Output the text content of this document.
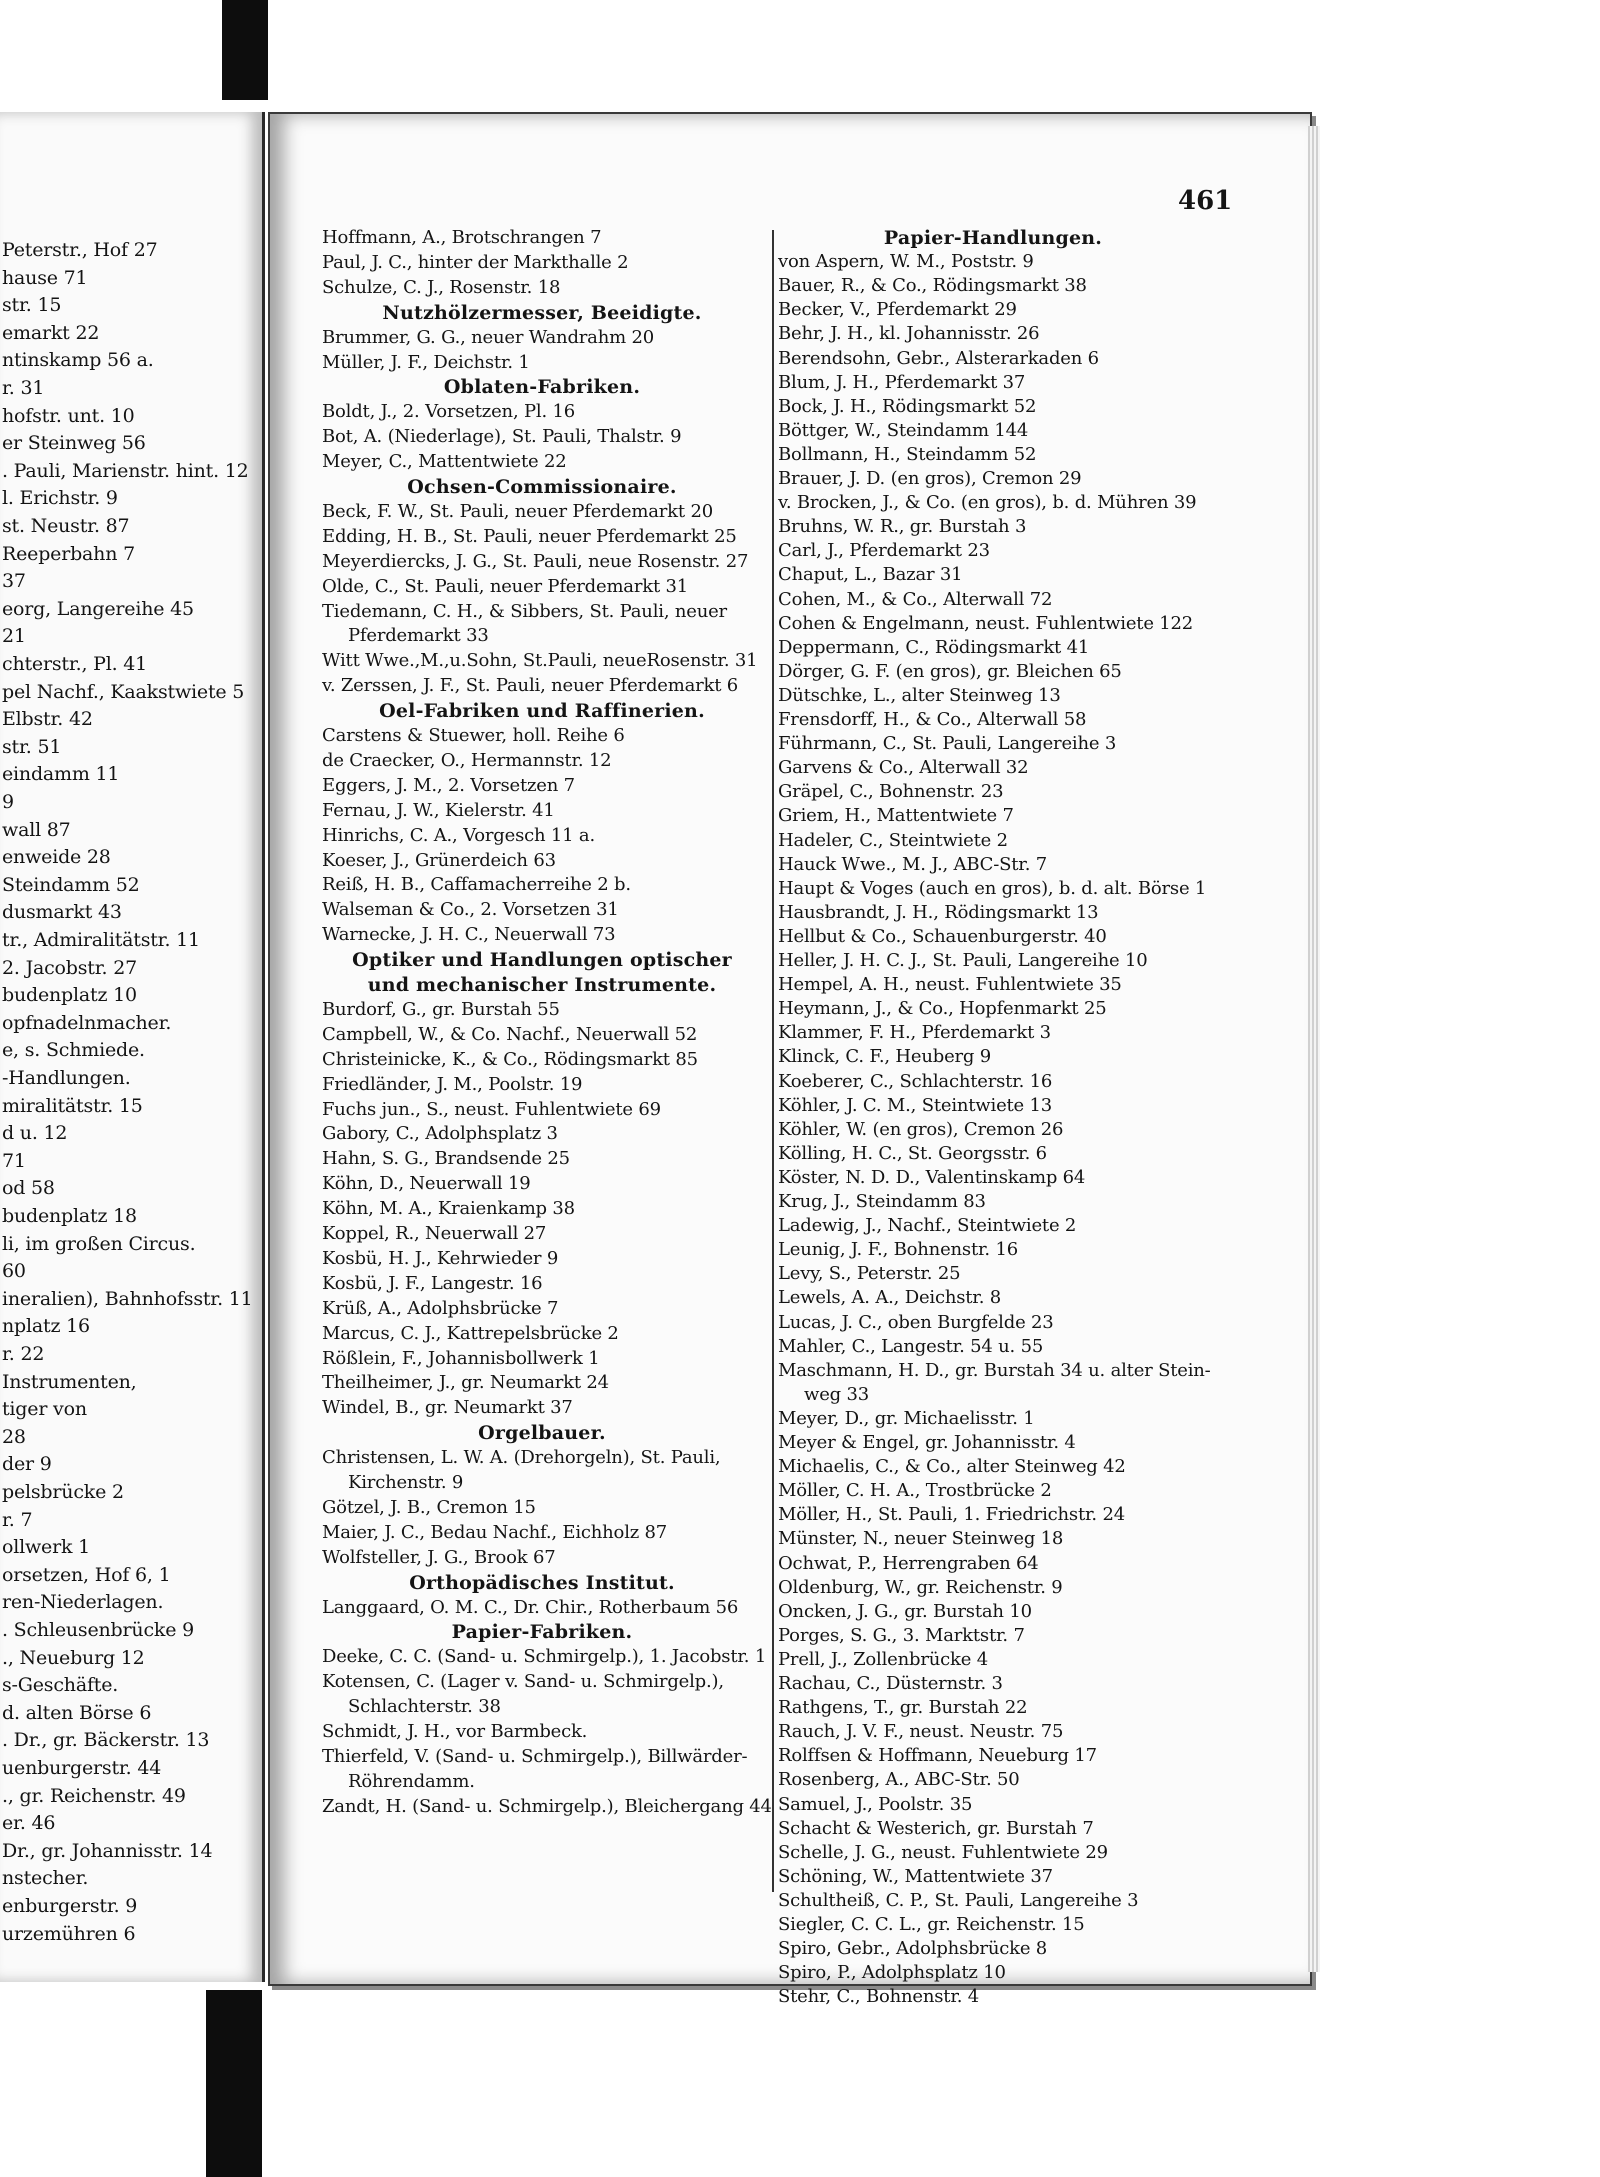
Peterstr., Hof 27
hause 71
str. 15
emarkt 22
ntinskamp 56 a.
r. 31
hofstr. unt. 10
er Steinweg 56
. Pauli, Marienstr. hint. 12
l. Erichstr. 9
st. Neustr. 87
Reeperbahn 7
37
eorg, Langereihe 45
21
chterstr., Pl. 41
pel Nachf., Kaakstwiete 5
Elbstr. 42
str. 51
eindamm 11
9
wall 87
enweide 28
Steindamm 52
dusmarkt 43
tr., Admiralitätstr. 11
2. Jacobstr. 27
budenplatz 10
opfnadelnmacher.
e, s. Schmiede.
-Handlungen.
miralitätstr. 15
d u. 12
71
od 58
budenplatz 18
li, im großen Circus.
60
ineralien), Bahnhofsstr. 11
nplatz 16
r. 22
Instrumenten,
tiger von
28
der 9
pelsbrücke 2
r. 7
ollwerk 1
orsetzen, Hof 6, 1
ren-Niederlagen.
. Schleusenbrücke 9
., Neueburg 12
s-Geschäfte.
d. alten Börse 6
. Dr., gr. Bäckerstr. 13
uenburgerstr. 44
., gr. Reichenstr. 49
er. 46
Dr., gr. Johannisstr. 14
nstecher.
enburgerstr. 9
urzemühren 6
461
Hoffmann, A., Brotschrangen 7
Paul, J. C., hinter der Markthalle 2
Schulze, C. J., Rosenstr. 18
Nutzhölzermesser, Beeidigte.
Brummer, G. G., neuer Wandrahm 20
Müller, J. F., Deichstr. 1
Oblaten-Fabriken.
Boldt, J., 2. Vorsetzen, Pl. 16
Bot, A. (Niederlage), St. Pauli, Thalstr. 9
Meyer, C., Mattentwiete 22
Ochsen-Commissionaire.
Beck, F. W., St. Pauli, neuer Pferdemarkt 20
Edding, H. B., St. Pauli, neuer Pferdemarkt 25
Meyerdiercks, J. G., St. Pauli, neue Rosenstr. 27
Olde, C., St. Pauli, neuer Pferdemarkt 31
Tiedemann, C. H., & Sibbers, St. Pauli, neuer
Pferdemarkt 33
Witt Wwe.,M.,u.Sohn, St.Pauli, neueRosenstr. 31
v. Zerssen, J. F., St. Pauli, neuer Pferdemarkt 6
Oel-Fabriken und Raffinerien.
Carstens & Stuewer, holl. Reihe 6
de Craecker, O., Hermannstr. 12
Eggers, J. M., 2. Vorsetzen 7
Fernau, J. W., Kielerstr. 41
Hinrichs, C. A., Vorgesch 11 a.
Koeser, J., Grünerdeich 63
Reiß, H. B., Caffamacherreihe 2 b.
Walseman & Co., 2. Vorsetzen 31
Warnecke, J. H. C., Neuerwall 73
Optiker und Handlungen optischer
und mechanischer Instrumente.
Burdorf, G., gr. Burstah 55
Campbell, W., & Co. Nachf., Neuerwall 52
Christeinicke, K., & Co., Rödingsmarkt 85
Friedländer, J. M., Poolstr. 19
Fuchs jun., S., neust. Fuhlentwiete 69
Gabory, C., Adolphsplatz 3
Hahn, S. G., Brandsende 25
Köhn, D., Neuerwall 19
Köhn, M. A., Kraienkamp 38
Koppel, R., Neuerwall 27
Kosbü, H. J., Kehrwieder 9
Kosbü, J. F., Langestr. 16
Krüß, A., Adolphsbrücke 7
Marcus, C. J., Kattrepelsbrücke 2
Rößlein, F., Johannisbollwerk 1
Theilheimer, J., gr. Neumarkt 24
Windel, B., gr. Neumarkt 37
Orgelbauer.
Christensen, L. W. A. (Drehorgeln), St. Pauli,
Kirchenstr. 9
Götzel, J. B., Cremon 15
Maier, J. C., Bedau Nachf., Eichholz 87
Wolfsteller, J. G., Brook 67
Orthopädisches Institut.
Langgaard, O. M. C., Dr. Chir., Rotherbaum 56
Papier-Fabriken.
Deeke, C. C. (Sand- u. Schmirgelp.), 1. Jacobstr. 1
Kotensen, C. (Lager v. Sand- u. Schmirgelp.),
Schlachterstr. 38
Schmidt, J. H., vor Barmbeck.
Thierfeld, V. (Sand- u. Schmirgelp.), Billwärder-
Röhrendamm.
Zandt, H. (Sand- u. Schmirgelp.), Bleichergang 44
Papier-Handlungen.
von Aspern, W. M., Poststr. 9
Bauer, R., & Co., Rödingsmarkt 38
Becker, V., Pferdemarkt 29
Behr, J. H., kl. Johannisstr. 26
Berendsohn, Gebr., Alsterarkaden 6
Blum, J. H., Pferdemarkt 37
Bock, J. H., Rödingsmarkt 52
Böttger, W., Steindamm 144
Bollmann, H., Steindamm 52
Brauer, J. D. (en gros), Cremon 29
v. Brocken, J., & Co. (en gros), b. d. Mühren 39
Bruhns, W. R., gr. Burstah 3
Carl, J., Pferdemarkt 23
Chaput, L., Bazar 31
Cohen, M., & Co., Alterwall 72
Cohen & Engelmann, neust. Fuhlentwiete 122
Deppermann, C., Rödingsmarkt 41
Dörger, G. F. (en gros), gr. Bleichen 65
Dütschke, L., alter Steinweg 13
Frensdorff, H., & Co., Alterwall 58
Führmann, C., St. Pauli, Langereihe 3
Garvens & Co., Alterwall 32
Gräpel, C., Bohnenstr. 23
Griem, H., Mattentwiete 7
Hadeler, C., Steintwiete 2
Hauck Wwe., M. J., ABC-Str. 7
Haupt & Voges (auch en gros), b. d. alt. Börse 1
Hausbrandt, J. H., Rödingsmarkt 13
Hellbut & Co., Schauenburgerstr. 40
Heller, J. H. C. J., St. Pauli, Langereihe 10
Hempel, A. H., neust. Fuhlentwiete 35
Heymann, J., & Co., Hopfenmarkt 25
Klammer, F. H., Pferdemarkt 3
Klinck, C. F., Heuberg 9
Koeberer, C., Schlachterstr. 16
Köhler, J. C. M., Steintwiete 13
Köhler, W. (en gros), Cremon 26
Kölling, H. C., St. Georgsstr. 6
Köster, N. D. D., Valentinskamp 64
Krug, J., Steindamm 83
Ladewig, J., Nachf., Steintwiete 2
Leunig, J. F., Bohnenstr. 16
Levy, S., Peterstr. 25
Lewels, A. A., Deichstr. 8
Lucas, J. C., oben Burgfelde 23
Mahler, C., Langestr. 54 u. 55
Maschmann, H. D., gr. Burstah 34 u. alter Stein-
weg 33
Meyer, D., gr. Michaelisstr. 1
Meyer & Engel, gr. Johannisstr. 4
Michaelis, C., & Co., alter Steinweg 42
Möller, C. H. A., Trostbrücke 2
Möller, H., St. Pauli, 1. Friedrichstr. 24
Münster, N., neuer Steinweg 18
Ochwat, P., Herrengraben 64
Oldenburg, W., gr. Reichenstr. 9
Oncken, J. G., gr. Burstah 10
Porges, S. G., 3. Marktstr. 7
Prell, J., Zollenbrücke 4
Rachau, C., Düsternstr. 3
Rathgens, T., gr. Burstah 22
Rauch, J. V. F., neust. Neustr. 75
Rolffsen & Hoffmann, Neueburg 17
Rosenberg, A., ABC-Str. 50
Samuel, J., Poolstr. 35
Schacht & Westerich, gr. Burstah 7
Schelle, J. G., neust. Fuhlentwiete 29
Schöning, W., Mattentwiete 37
Schultheiß, C. P., St. Pauli, Langereihe 3
Siegler, C. C. L., gr. Reichenstr. 15
Spiro, Gebr., Adolphsbrücke 8
Spiro, P., Adolphsplatz 10
Stehr, C., Bohnenstr. 4
